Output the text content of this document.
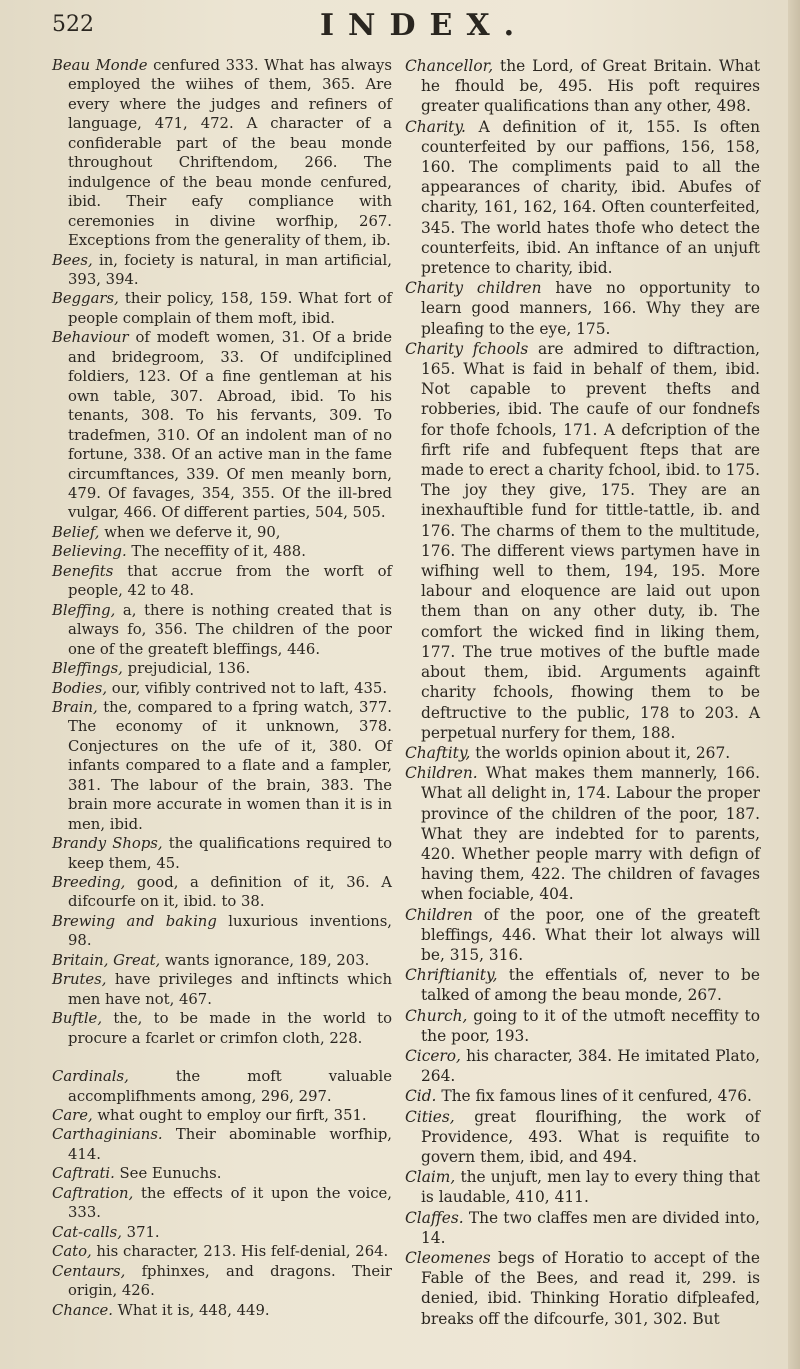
522	INDEX.
Beau Monde cenfured 333. What has always employed the wiihes of them, 365. Are every where the judges and refiners of language, 471, 472. A character of a confiderable part of the beau monde throughout Chriftendom, 266. The indulgence of the beau monde cenfured, ibid. Their eafy compliance with ceremonies in divine worfhip, 267. Exceptions from the generality of them, ib.
Bees, in, fociety is natural, in man artificial, 393, 394.
Beggars, their policy, 158, 159. What fort of people complain of them moft, ibid.
Behaviour of modeft women, 31. Of a bride and bridegroom, 33. Of undifciplined foldiers, 123. Of a fine gentleman at his own table, 307. Abroad, ibid. To his tenants, 308. To his fervants, 309. To tradefmen, 310. Of an indolent man of no fortune, 338. Of an active man in the fame circumftances, 339. Of men meanly born, 479. Of favages, 354, 355. Of the ill-bred vulgar, 466. Of different parties, 504, 505.
Belief, when we deferve it, 90,
Believing. The neceffity of it, 488.
Benefits that accrue from the worft of people, 42 to 48.
Bleffing, a, there is nothing created that is always fo, 356. The children of the poor one of the greateft bleffings, 446.
Bleffings, prejudicial, 136.
Bodies, our, vifibly contrived not to laft, 435.
Brain, the, compared to a fpring watch, 377. The economy of it unknown, 378. Conjectures on the ufe of it, 380. Of infants compared to a flate and a fampler, 381. The labour of the brain, 383. The brain more accurate in women than it is in men, ibid.
Brandy Shops, the qualifications required to keep them, 45.
Breeding, good, a definition of it, 36. A difcourfe on it, ibid. to 38.
Brewing and baking luxurious inventions, 98.
Britain, Great, wants ignorance, 189, 203.
Brutes, have privileges and inftincts which men have not, 467.
Buftle, the, to be made in the world to procure a fcarlet or crimfon cloth, 228.
Cardinals, the moft valuable accomplifhments among, 296, 297.
Care, what ought to employ our firft, 351.
Carthaginians. Their abominable worfhip, 414.
Caftrati. See Eunuchs.
Caftration, the effects of it upon the voice, 333.
Cat-calls, 371.
Cato, his character, 213. His felf-denial, 264.
Centaurs, fphinxes, and dragons. Their origin, 426.
Chance. What it is, 448, 449.
Chancellor, the Lord, of Great Britain. What he fhould be, 495. His poft requires greater qualifications than any other, 498.
Charity. A definition of it, 155. Is often counterfeited by our paffions, 156, 158, 160. The compliments paid to all the appearances of charity, ibid. Abufes of charity, 161, 162, 164. Often counterfeited, 345. The world hates thofe who detect the counterfeits, ibid. An inftance of an unjuft pretence to charity, ibid.
Charity children have no opportunity to learn good manners, 166. Why they are pleafing to the eye, 175.
Charity fchools are admired to diftraction, 165. What is faid in behalf of them, ibid. Not capable to prevent thefts and robberies, ibid. The caufe of our fondnefs for thofe fchools, 171. A defcription of the firft rife and fubfequent fteps that are made to erect a charity fchool, ibid. to 175. The joy they give, 175. They are an inexhauftible fund for tittle-tattle, ib. and 176. The charms of them to the multitude, 176. The different views partymen have in wifhing well to them, 194, 195. More labour and eloquence are laid out upon them than on any other duty, ib. The comfort the wicked find in liking them, 177. The true motives of the buftle made about them, ibid. Arguments againft charity fchools, fhowing them to be deftructive to the public, 178 to 203. A perpetual nurfery for them, 188.
Chaftity, the worlds opinion about it, 267.
Children. What makes them mannerly, 166. What all delight in, 174. Labour the proper province of the children of the poor, 187. What they are indebted for to parents, 420. Whether people marry with defign of having them, 422. The children of favages when fociable, 404.
Children of the poor, one of the greateft bleffings, 446. What their lot always will be, 315, 316.
Chriftianity, the effentials of, never to be talked of among the beau monde, 267.
Church, going to it of the utmoft neceffity to the poor, 193.
Cicero, his character, 384. He imitated Plato, 264.
Cid. The fix famous lines of it cenfured, 476.
Cities, great flourifhing, the work of Providence, 493. What is requifite to govern them, ibid, and 494.
Claim, the unjuft, men lay to every thing that is laudable, 410, 411.
Claffes. The two claffes men are divided into, 14.
Cleomenes begs of Horatio to accept of the Fable of the Bees, and read it, 299. is denied, ibid. Thinking Horatio difpleafed, breaks off the difcourfe, 301, 302. But
